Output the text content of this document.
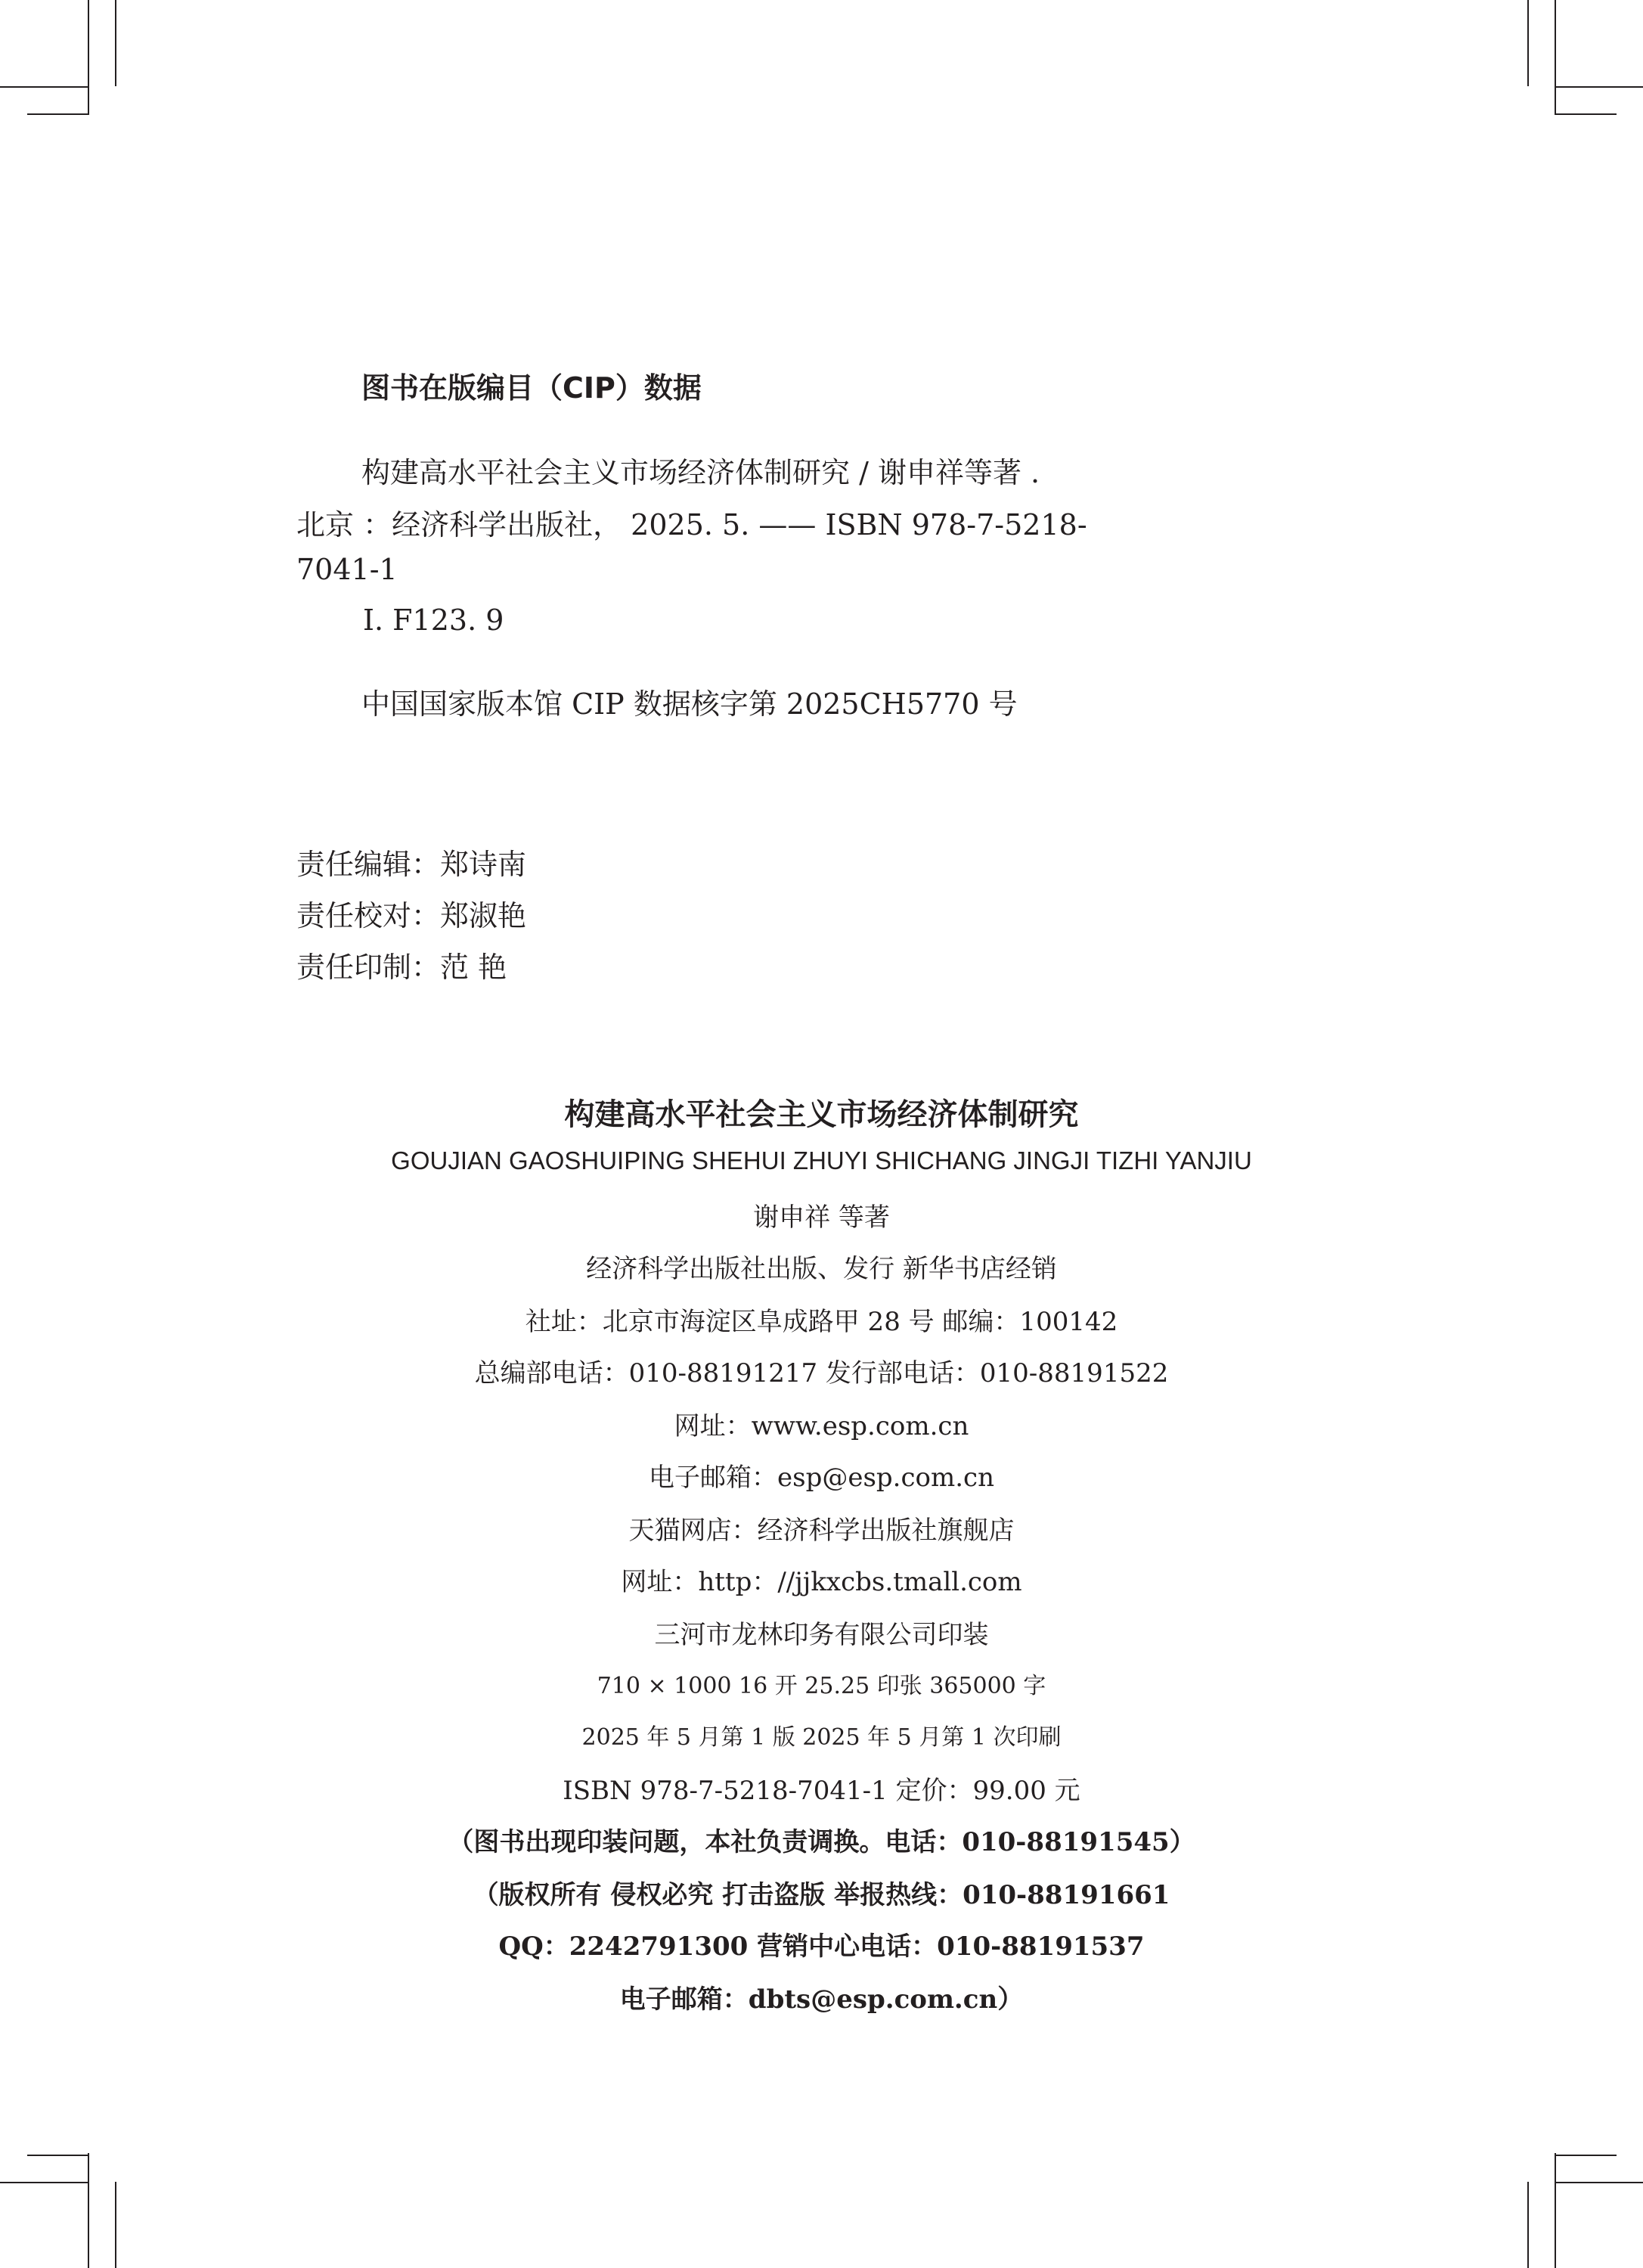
图书在版编目（CIP）数据
构建高水平社会主义市场经济体制研究 / 谢申祥等著 .
北京 ：经济科学出版社， 2025. 5. —— ISBN 978-7-5218-
7041-1
Ⅰ. F123. 9
中国国家版本馆 CIP 数据核字第 2025CH5770 号
责任编辑：郑诗南
责任校对：郑淑艳
责任印制：范 艳
构建高水平社会主义市场经济体制研究
GOUJIAN GAOSHUIPING SHEHUI ZHUYI SHICHANG JINGJI TIZHI YANJIU
谢申祥 等著
经济科学出版社出版、发行 新华书店经销
社址：北京市海淀区阜成路甲 28 号 邮编：100142
总编部电话：010-88191217 发行部电话：010-88191522
网址：www.esp.com.cn
电子邮箱：esp@esp.com.cn
天猫网店：经济科学出版社旗舰店
网址：http：//jjkxcbs.tmall.com
三河市龙林印务有限公司印装
710 × 1000 16 开 25.25 印张 365000 字
2025 年 5 月第 1 版 2025 年 5 月第 1 次印刷
ISBN 978-7-5218-7041-1 定价：99.00 元
（图书出现印装问题，本社负责调换。电话：010-88191545）
（版权所有 侵权必究 打击盗版 举报热线：010-88191661
QQ：2242791300 营销中心电话：010-88191537
电子邮箱：dbts@esp.com.cn）
